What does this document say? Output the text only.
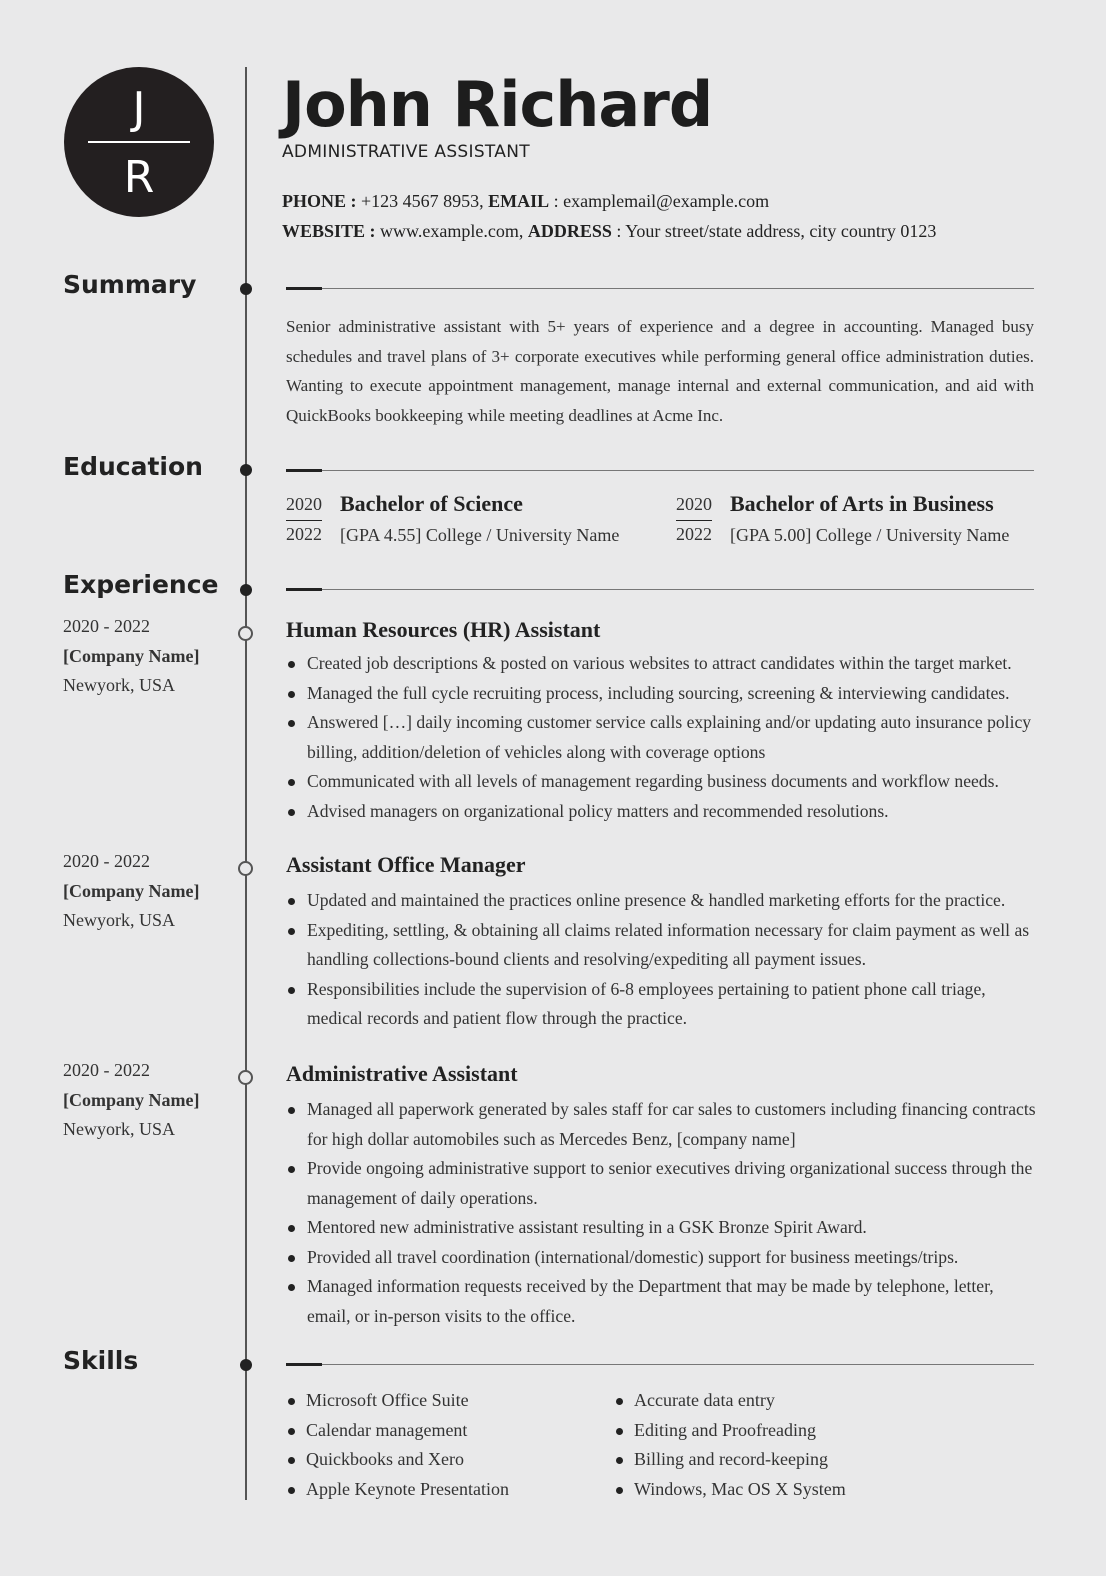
J
R
John Richard
ADMINISTRATIVE ASSISTANT
PHONE : +123 4567 8953, EMAIL : examplemail@example.com
WEBSITE : www.example.com, ADDRESS : Your street/state address, city country 0123
Summary
Senior administrative assistant with 5+ years of experience and a degree in accounting. Managed busy schedules and travel plans of 3+ corporate executives while performing general office administration duties. Wanting to execute appointment management, manage internal and external communication, and aid with QuickBooks bookkeeping while meeting deadlines at Acme Inc.
Education
2020
2022
Bachelor of Science
[GPA 4.55] College / University Name
2020
2022
Bachelor of Arts in Business
[GPA 5.00] College / University Name
Experience
2020 - 2022
[Company Name]
Newyork, USA
Human Resources (HR) Assistant
Created job descriptions & posted on various websites to attract candidates within the target market.
Managed the full cycle recruiting process, including sourcing, screening & interviewing candidates.
Answered […] daily incoming customer service calls explaining and/or updating auto insurance policy billing, addition/deletion of vehicles along with coverage options
Communicated with all levels of management regarding business documents and workflow needs.
Advised managers on organizational policy matters and recommended resolutions.
2020 - 2022
[Company Name]
Newyork, USA
Assistant Office Manager
Updated and maintained the practices online presence & handled marketing efforts for the practice.
Expediting, settling, & obtaining all claims related information necessary for claim payment as well as handling collections-bound clients and resolving/expediting all payment issues.
Responsibilities include the supervision of 6-8 employees pertaining to patient phone call triage, medical records and patient flow through the practice.
2020 - 2022
[Company Name]
Newyork, USA
Administrative Assistant
Managed all paperwork generated by sales staff for car sales to customers including financing contracts for high dollar automobiles such as Mercedes Benz, [company name]
Provide ongoing administrative support to senior executives driving organizational success through the management of daily operations.
Mentored new administrative assistant resulting in a GSK Bronze Spirit Award.
Provided all travel coordination (international/domestic) support for business meetings/trips.
Managed information requests received by the Department that may be made by telephone, letter, email, or in-person visits to the office.
Skills
Microsoft Office Suite
Calendar management
Quickbooks and Xero
Apple Keynote Presentation
Accurate data entry
Editing and Proofreading
Billing and record-keeping
Windows, Mac OS X System
